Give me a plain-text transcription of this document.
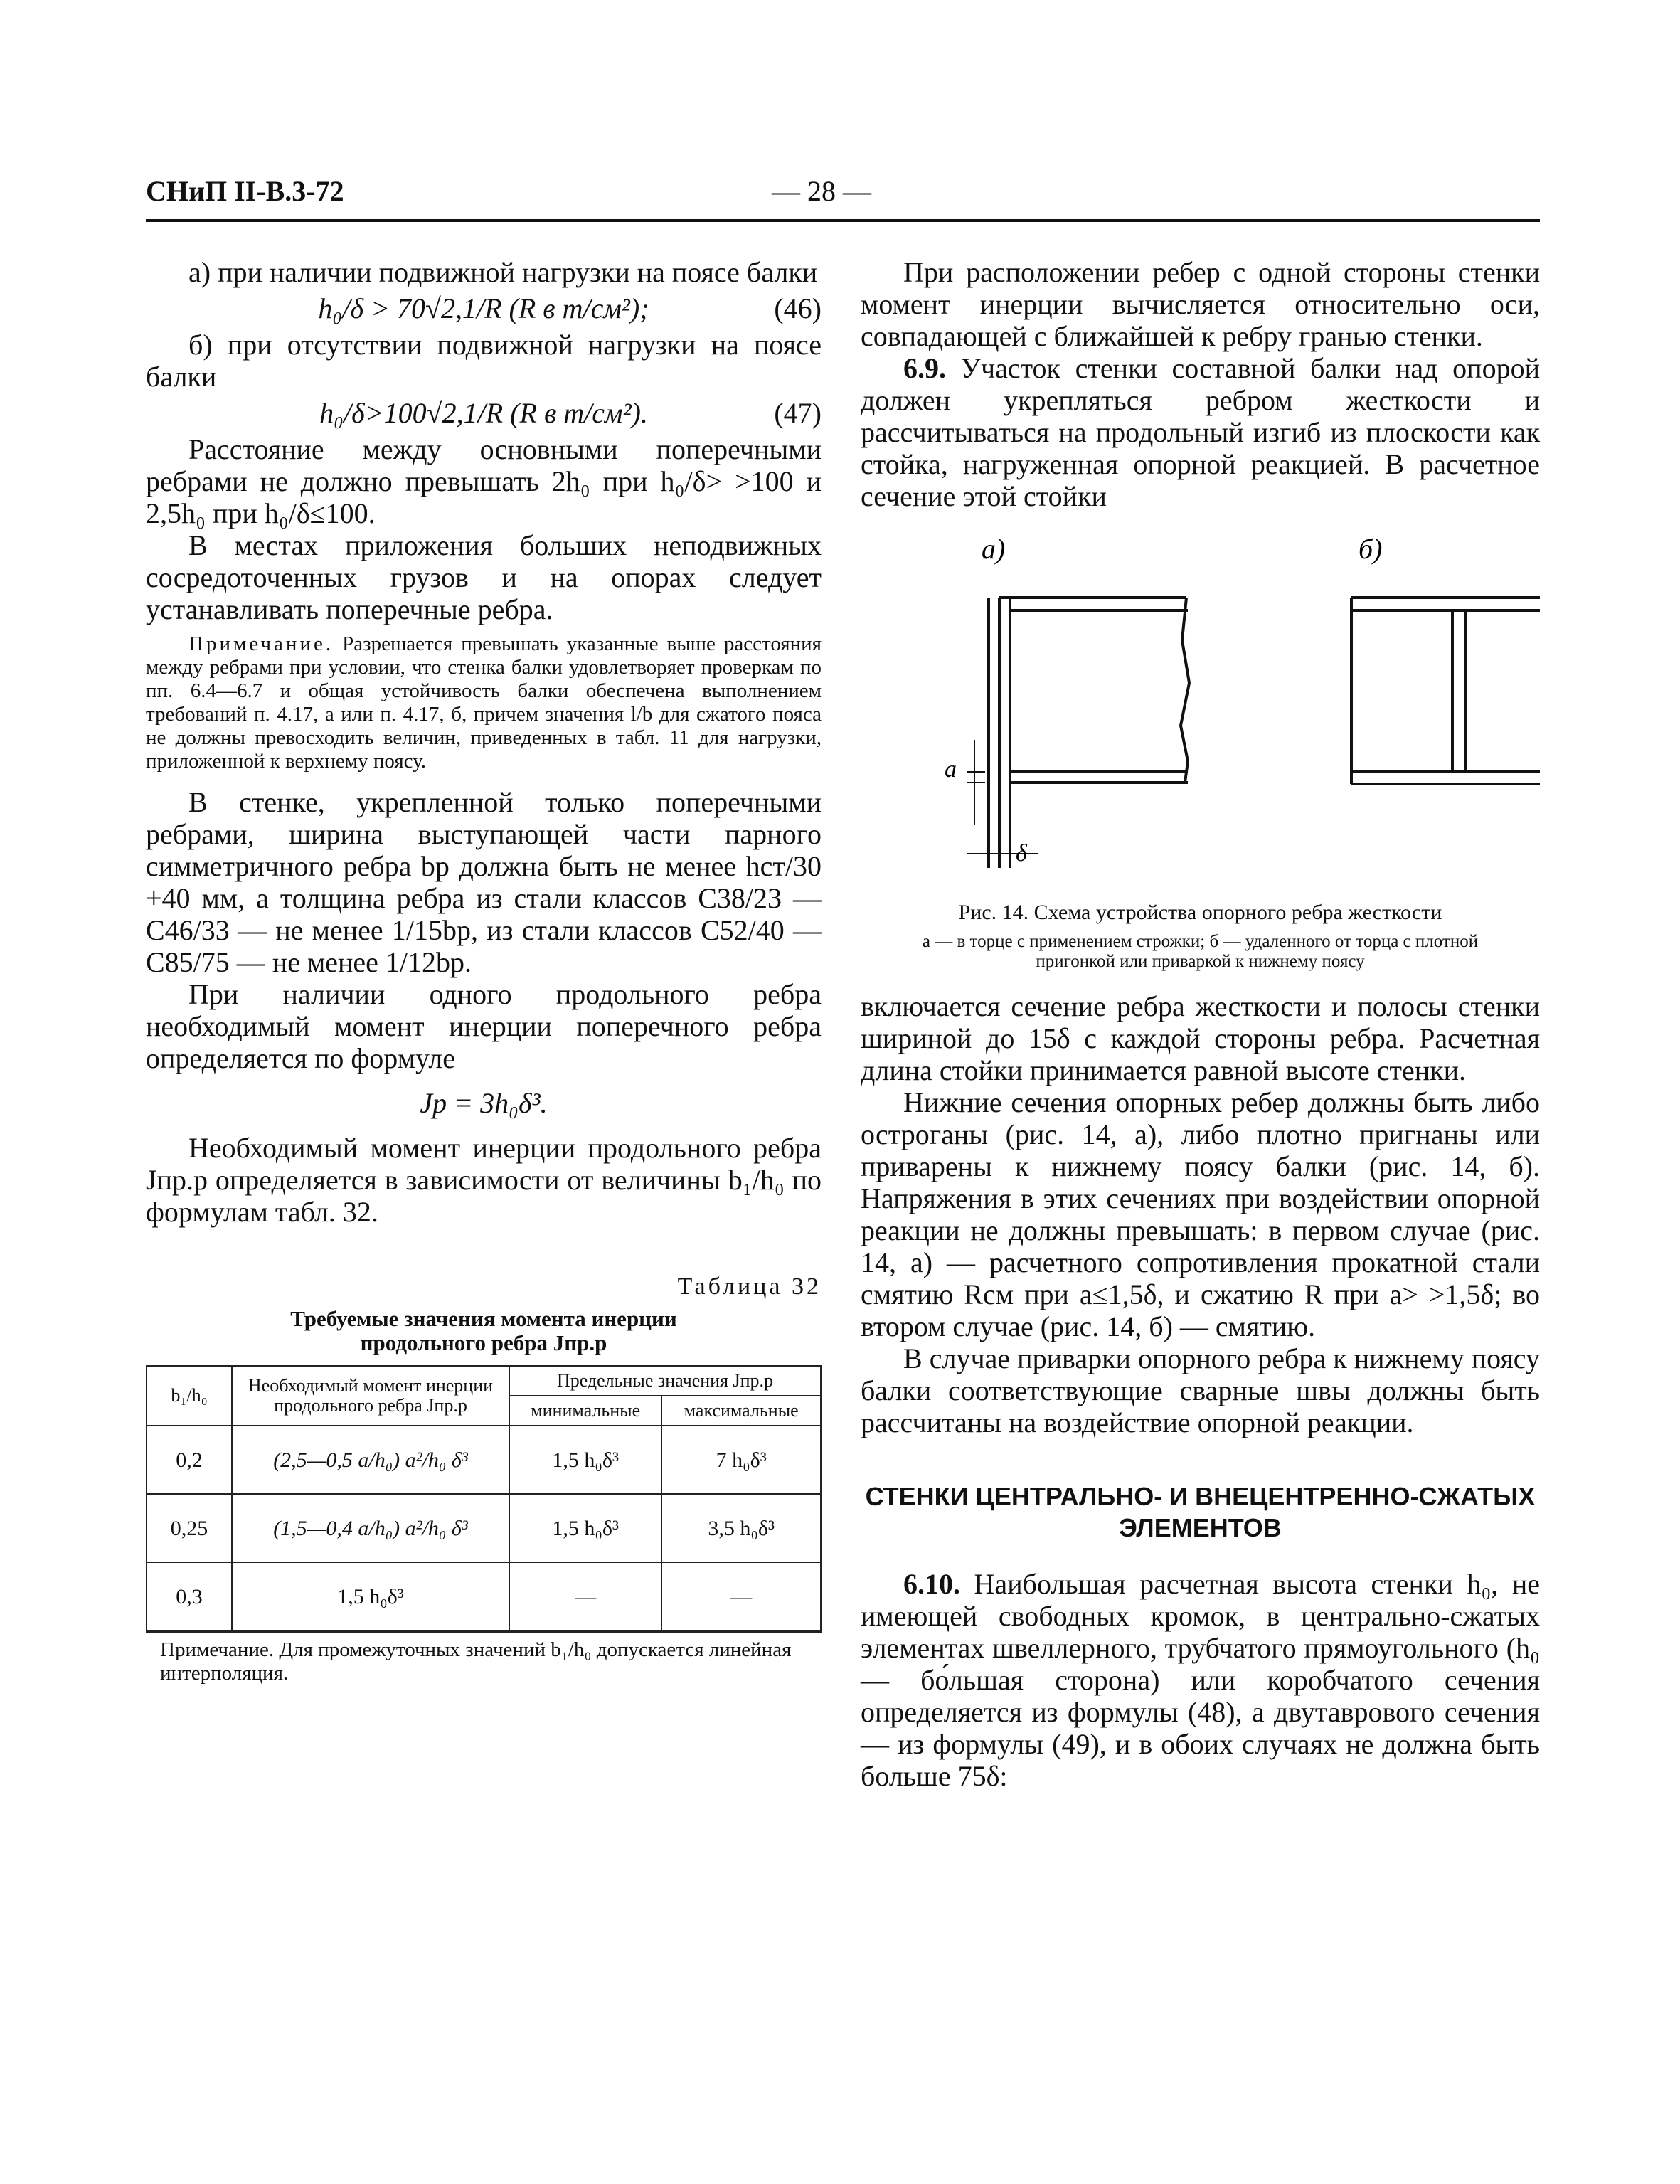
СНиП II-В.3-72	— 28 —

а) при наличии подвижной нагрузки на поясе балки

h₀/δ > 70√2,1/R (R в т/см²);	(46)

б) при отсутствии подвижной нагрузки на поясе балки

h₀/δ>100√2,1/R (R в т/см²).	(47)

Расстояние между основными поперечными ребрами не должно превышать 2h₀ при h₀/δ> >100 и 2,5h₀ при h₀/δ≤100.

В местах приложения больших неподвижных сосредоточенных грузов и на опорах следует устанавливать поперечные ребра.

Примечание. Разрешается превышать указанные выше расстояния между ребрами при условии, что стенка балки удовлетворяет проверкам по пп. 6.4—6.7 и общая устойчивость балки обеспечена выполнением требований п. 4.17, а или п. 4.17, б, причем значения l/b для сжатого пояса не должны превосходить величин, приведенных в табл. 11 для нагрузки, приложенной к верхнему поясу.

В стенке, укрепленной только поперечными ребрами, ширина выступающей части парного симметричного ребра bр должна быть не менее hст/30 +40 мм, а толщина ребра из стали классов С38/23 — С46/33 — не менее 1/15bр, из стали классов С52/40 — С85/75 — не менее 1/12bр.

При наличии одного продольного ребра необходимый момент инерции поперечного ребра определяется по формуле

Jр = 3h₀δ³.

Необходимый момент инерции продольного ребра Jпр.р определяется в зависимости от величины b₁/h₀ по формулам табл. 32.

Таблица 32
Требуемые значения момента инерции
продольного ребра Jпр.р
b₁/h₀	Необходимый момент инерции продольного ребра Jпр.р	Предельные значения Jпр.р	
		минимальные	максимальные
0,2	(2,5—0,5 a/h₀) a²/h₀ δ³	1,5 h₀δ³	7 h₀δ³
0,25	(1,5—0,4 a/h₀) a²/h₀ δ³	1,5 h₀δ³	3,5 h₀δ³
0,3	1,5 h₀δ³	—	—
Примечание. Для промежуточных значений b₁/h₀ допускается линейная интерполяция.

При расположении ребер с одной стороны стенки момент инерции вычисляется относительно оси, совпадающей с ближайшей к ребру гранью стенки.

6.9. Участок стенки составной балки над опорой должен укрепляться ребром жесткости и рассчитываться на продольный изгиб из плоскости как стойка, нагруженная опорной реакцией. В расчетное сечение этой стойки

а)	б)
a
δ
Рис. 14. Схема устройства опорного ребра жесткости
а — в торце с применением строжки; б — удаленного от торца с плотной пригонкой или приваркой к нижнему поясу

включается сечение ребра жесткости и полосы стенки шириной до 15δ с каждой стороны ребра. Расчетная длина стойки принимается равной высоте стенки.

Нижние сечения опорных ребер должны быть либо остроганы (рис. 14, а), либо плотно пригнаны или приварены к нижнему поясу балки (рис. 14, б). Напряжения в этих сечениях при воздействии опорной реакции не должны превышать: в первом случае (рис. 14, а) — расчетного сопротивления прокатной стали смятию Rсм при a≤1,5δ, и сжатию R при a> >1,5δ; во втором случае (рис. 14, б) — смятию.

В случае приварки опорного ребра к нижнему поясу балки соответствующие сварные швы должны быть рассчитаны на воздействие опорной реакции.

СТЕНКИ ЦЕНТРАЛЬНО- И ВНЕЦЕНТРЕННО-СЖАТЫХ ЭЛЕМЕНТОВ

6.10. Наибольшая расчетная высота стенки h₀, не имеющей свободных кромок, в центрально-сжатых элементах швеллерного, трубчатого прямоугольного (h₀ — бо́льшая сторона) или коробчатого сечения определяется из формулы (48), а двутаврового сечения — из формулы (49), и в обоих случаях не должна быть больше 75δ:
